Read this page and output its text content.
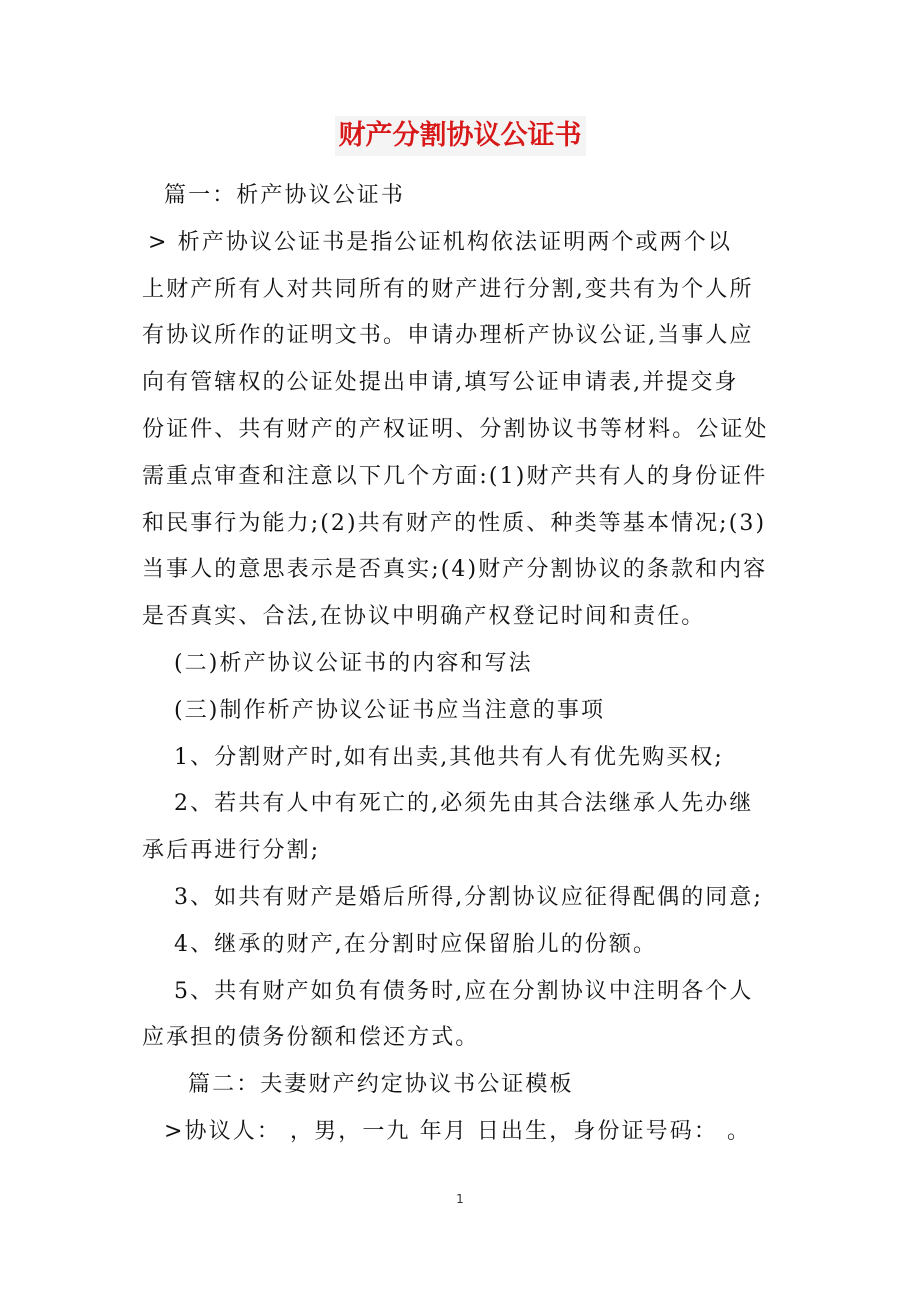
财产分割协议公证书
篇一：析产协议公证书
> 析产协议公证书是指公证机构依法证明两个或两个以
上财产所有人对共同所有的财产进行分割,变共有为个人所
有协议所作的证明文书。申请办理析产协议公证,当事人应
向有管辖权的公证处提出申请,填写公证申请表,并提交身
份证件、共有财产的产权证明、分割协议书等材料。公证处
需重点审查和注意以下几个方面:(1)财产共有人的身份证件
和民事行为能力;(2)共有财产的性质、种类等基本情况;(3)
当事人的意思表示是否真实;(4)财产分割协议的条款和内容
是否真实、合法,在协议中明确产权登记时间和责任。
(二)析产协议公证书的内容和写法
(三)制作析产协议公证书应当注意的事项
1、分割财产时,如有出卖,其他共有人有优先购买权;
2、若共有人中有死亡的,必须先由其合法继承人先办继
承后再进行分割;
3、如共有财产是婚后所得,分割协议应征得配偶的同意;
4、继承的财产,在分割时应保留胎儿的份额。
5、共有财产如负有债务时,应在分割协议中注明各个人
应承担的债务份额和偿还方式。
篇二：夫妻财产约定协议书公证模板
>协议人： ，男，一九 年月 日出生，身份证号码： 。
1
